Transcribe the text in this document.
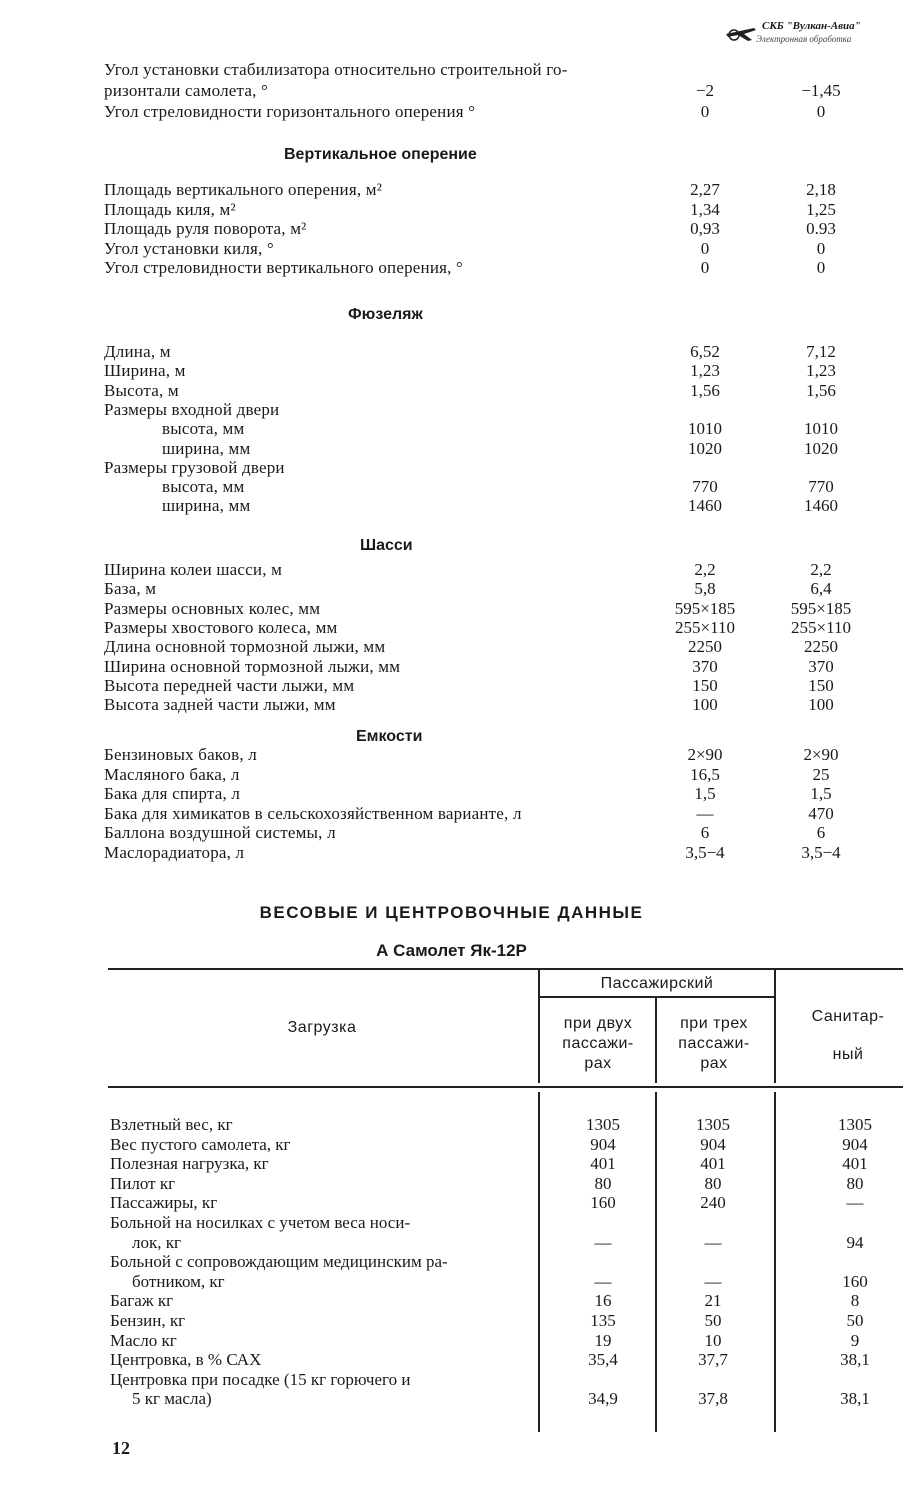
СКБ "Вулкан-Авиа"
Электронная обработка
Угол установки стабилизатора относительно строительной го-
ризонтали самолета, °	−2	−1,45
Угол стреловидности горизонтального оперения °	0	0
Вертикальное оперение
Площадь вертикального оперения, м²	2,27	2,18
Площадь киля, м²	1,34	1,25
Площадь руля поворота, м²	0,93	0.93
Угол установки киля, °	0	0
Угол стреловидности вертикального оперения, °	0	0
Фюзеляж
Длина, м	6,52	7,12
Ширина, м	1,23	1,23
Высота, м	1,56	1,56
Размеры входной двери
высота, мм	1010	1010
ширина, мм	1020	1020
Размеры грузовой двери
высота, мм	770	770
ширина, мм	1460	1460
Шасси
Ширина колеи шасси, м	2,2	2,2
База, м	5,8	6,4
Размеры основных колес, мм	595×185	595×185
Размеры хвостового колеса, мм	255×110	255×110
Длина основной тормозной лыжи, мм	2250	2250
Ширина основной тормозной лыжи, мм	370	370
Высота передней части лыжи, мм	150	150
Высота задней части лыжи, мм	100	100
Емкости
Бензиновых баков, л	2×90	2×90
Масляного бака, л	16,5	25
Бака для спирта, л	1,5	1,5
Бака для химикатов в сельскохозяйственном варианте, л	—	470
Баллона воздушной системы, л	6	6
Маслорадиатора, л	3,5−4	3,5−4
ВЕСОВЫЕ И ЦЕНТРОВОЧНЫЕ ДАННЫЕ
А Самолет Як-12Р
Загрузка
Пассажирский
при двух пассажи- рах
при трех пассажи- рах
Санитар- ный
Взлетный вес, кг	1305	1305	1305
Вес пустого самолета, кг	904	904	904
Полезная нагрузка, кг	401	401	401
Пилот кг	80	80	80
Пассажиры, кг	160	240	—
Больной на носилках с учетом веса носи-
лок, кг	—	—	94
Больной с сопровождающим медицинским ра-
ботником, кг	—	—	160
Багаж кг	16	21	8
Бензин, кг	135	50	50
Масло кг	19	10	9
Центровка, в % САХ	35,4	37,7	38,1
Центровка при посадке (15 кг горючего и
5 кг масла)	34,9	37,8	38,1
12
